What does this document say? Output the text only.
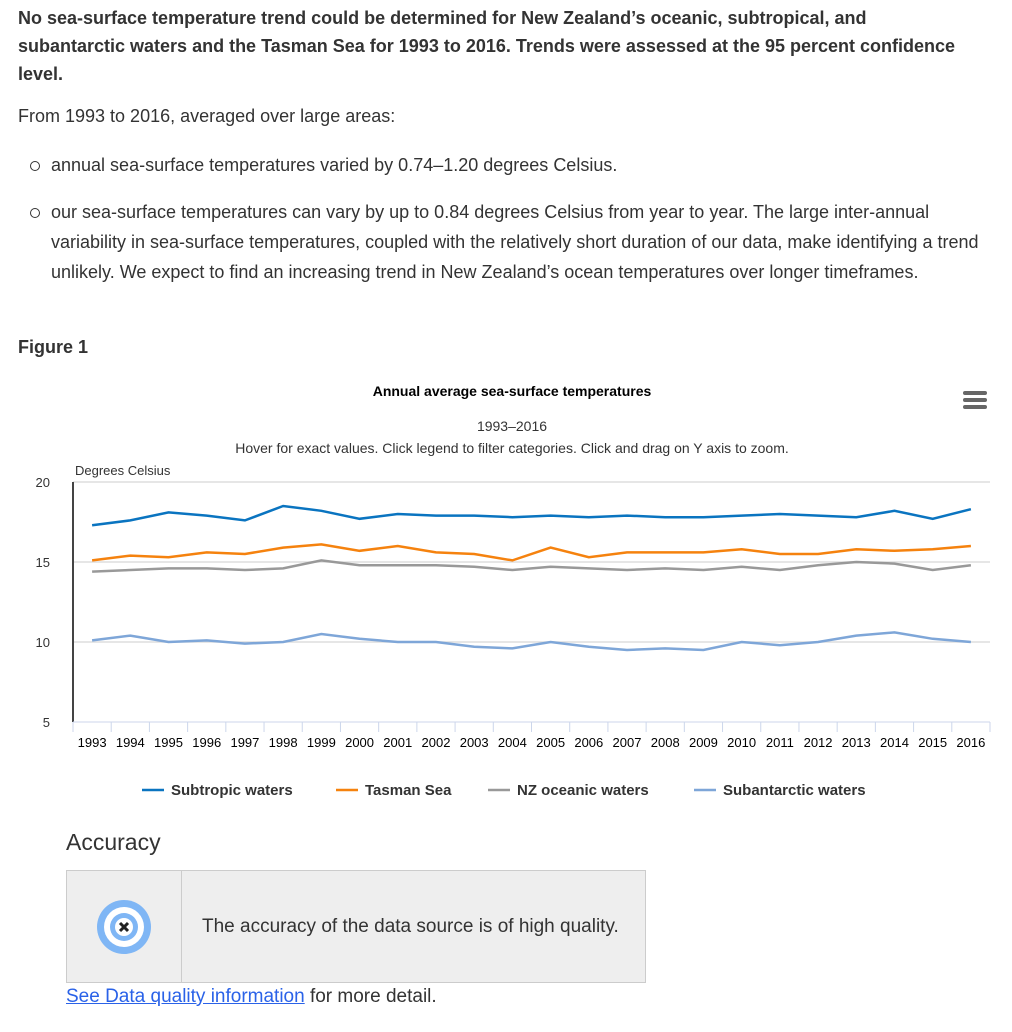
No sea-surface temperature trend could be determined for New Zealand’s oceanic, subtropical, and subantarctic waters and the Tasman Sea for 1993 to 2016. Trends were assessed at the 95 percent confidence level.
From 1993 to 2016, averaged over large areas:
annual sea-surface temperatures varied by 0.74–1.20 degrees Celsius.
our sea-surface temperatures can vary by up to 0.84 degrees Celsius from year to year. The large inter-annual variability in sea-surface temperatures, coupled with the relatively short duration of our data, make identifying a trend unlikely. We expect to find an increasing trend in New Zealand’s ocean temperatures over longer timeframes.
Figure 1
Annual average sea-surface temperatures
1993–2016
Hover for exact values. Click legend to filter categories. Click and drag on Y axis to zoom.
Degrees Celsius
5
10
15
20
1993 1994 1995 1996 1997 1998 1999 2000 2001 2002 2003 2004 2005 2006 2007 2008 2009 2010 2011 2012 2013 2014 2015 2016
Subtropic waters	Tasman Sea	NZ oceanic waters	Subantarctic waters
Accuracy
The accuracy of the data source is of high quality.
See Data quality information for more detail.
